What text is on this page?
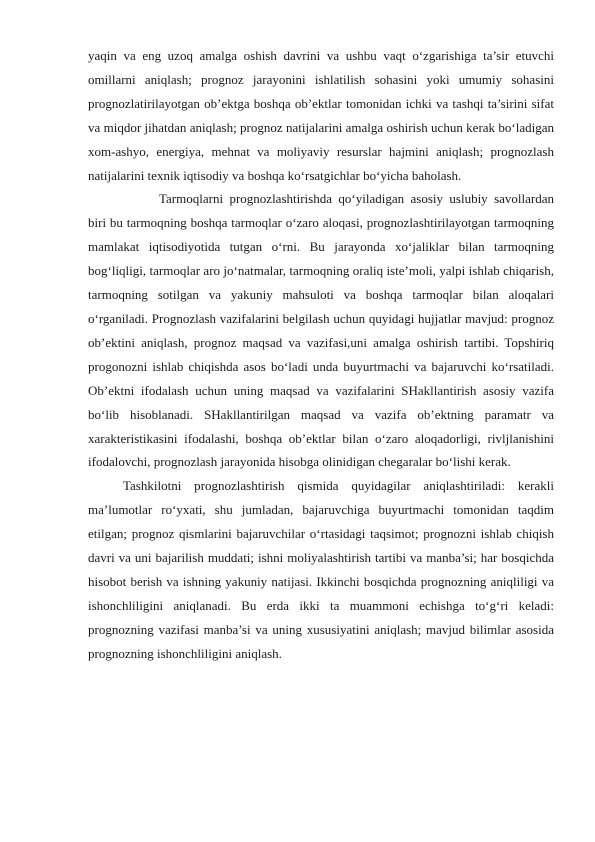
yaqin va eng uzoq amalga oshish davrini va ushbu vaqt o‘zgarishiga ta’sir etuvchi omillarni aniqlash; prognoz jarayonini ishlatilish sohasini yoki umumiy sohasini prognozlatirilayotgan ob’ektga boshqa ob’ektlar tomonidan ichki va tashqi ta’sirini sifat va miqdor jihatdan aniqlash; prognoz natijalarini amalga oshirish uchun kerak bo‘ladigan xom-ashyo, energiya, mehnat va moliyaviy resurslar hajmini aniqlash; prognozlash natijalarini texnik iqtisodiy va boshqa ko‘rsatgichlar bo‘yicha baholash.

Tarmoqlarni prognozlashtirishda qo‘yiladigan asosiy uslubiy savollardan biri bu tarmoqning boshqa tarmoqlar o‘zaro aloqasi, prognozlashtirilayotgan tarmoqning mamlakat iqtisodiyotida tutgan o‘rni. Bu jarayonda xo‘jaliklar bilan tarmoqning bog‘liqligi, tarmoqlar aro jo‘natmalar, tarmoqning oraliq iste’moli, yalpi ishlab chiqarish, tarmoqning sotilgan va yakuniy mahsuloti va boshqa tarmoqlar bilan aloqalari o‘rganiladi. Prognozlash vazifalarini belgilash uchun quyidagi hujjatlar mavjud: prognoz ob’ektini aniqlash, prognoz maqsad va vazifasi,uni amalga oshirish tartibi. Topshiriq progonozni ishlab chiqishda asos bo‘ladi unda buyurtmachi va bajaruvchi ko‘rsatiladi. Ob’ektni ifodalash uchun uning maqsad va vazifalarini SHakllantirish asosiy vazifa bo‘lib hisoblanadi. SHakllantirilgan maqsad va vazifa ob’ektning paramatr va xarakteristikasini ifodalashi, boshqa ob’ektlar bilan o‘zaro aloqadorligi, rivljlanishini ifodalovchi, prognozlash jarayonida hisobga olinidigan chegaralar bo‘lishi kerak.

Tashkilotni prognozlashtirish qismida quyidagilar aniqlashtiriladi: kerakli ma’lumotlar ro‘yxati, shu jumladan, bajaruvchiga buyurtmachi tomonidan taqdim etilgan; prognoz qismlarini bajaruvchilar o‘rtasidagi taqsimot; prognozni ishlab chiqish davri va uni bajarilish muddati; ishni moliyalashtirish tartibi va manba’si; har bosqichda hisobot berish va ishning yakuniy natijasi. Ikkinchi bosqichda prognozning aniqliligi va ishonchliligini aniqlanadi. Bu erda ikki ta muammoni echishga to‘g‘ri keladi: prognozning vazifasi manba’si va uning xususiyatini aniqlash; mavjud bilimlar asosida prognozning ishonchliligini aniqlash.
